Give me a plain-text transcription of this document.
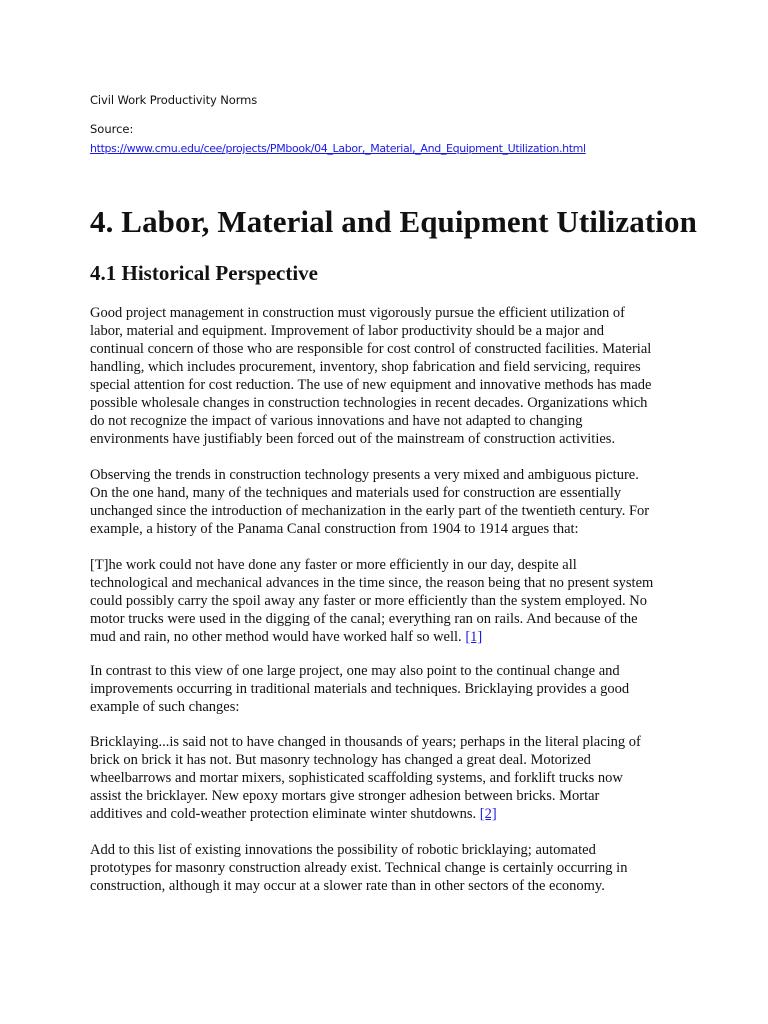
Civil Work Productivity Norms
Source:
https://www.cmu.edu/cee/projects/PMbook/04_Labor,_Material,_And_Equipment_Utilization.html
4. Labor, Material and Equipment Utilization
4.1 Historical Perspective

Good project management in construction must vigorously pursue the efficient utilization of
labor, material and equipment. Improvement of labor productivity should be a major and
continual concern of those who are responsible for cost control of constructed facilities. Material
handling, which includes procurement, inventory, shop fabrication and field servicing, requires
special attention for cost reduction. The use of new equipment and innovative methods has made
possible wholesale changes in construction technologies in recent decades. Organizations which
do not recognize the impact of various innovations and have not adapted to changing
environments have justifiably been forced out of the mainstream of construction activities.

Observing the trends in construction technology presents a very mixed and ambiguous picture.
On the one hand, many of the techniques and materials used for construction are essentially
unchanged since the introduction of mechanization in the early part of the twentieth century. For
example, a history of the Panama Canal construction from 1904 to 1914 argues that:

[T]he work could not have done any faster or more efficiently in our day, despite all
technological and mechanical advances in the time since, the reason being that no present system
could possibly carry the spoil away any faster or more efficiently than the system employed. No
motor trucks were used in the digging of the canal; everything ran on rails. And because of the
mud and rain, no other method would have worked half so well. [1]

In contrast to this view of one large project, one may also point to the continual change and
improvements occurring in traditional materials and techniques. Bricklaying provides a good
example of such changes:

Bricklaying...is said not to have changed in thousands of years; perhaps in the literal placing of
brick on brick it has not. But masonry technology has changed a great deal. Motorized
wheelbarrows and mortar mixers, sophisticated scaffolding systems, and forklift trucks now
assist the bricklayer. New epoxy mortars give stronger adhesion between bricks. Mortar
additives and cold-weather protection eliminate winter shutdowns. [2]

Add to this list of existing innovations the possibility of robotic bricklaying; automated
prototypes for masonry construction already exist. Technical change is certainly occurring in
construction, although it may occur at a slower rate than in other sectors of the economy.
